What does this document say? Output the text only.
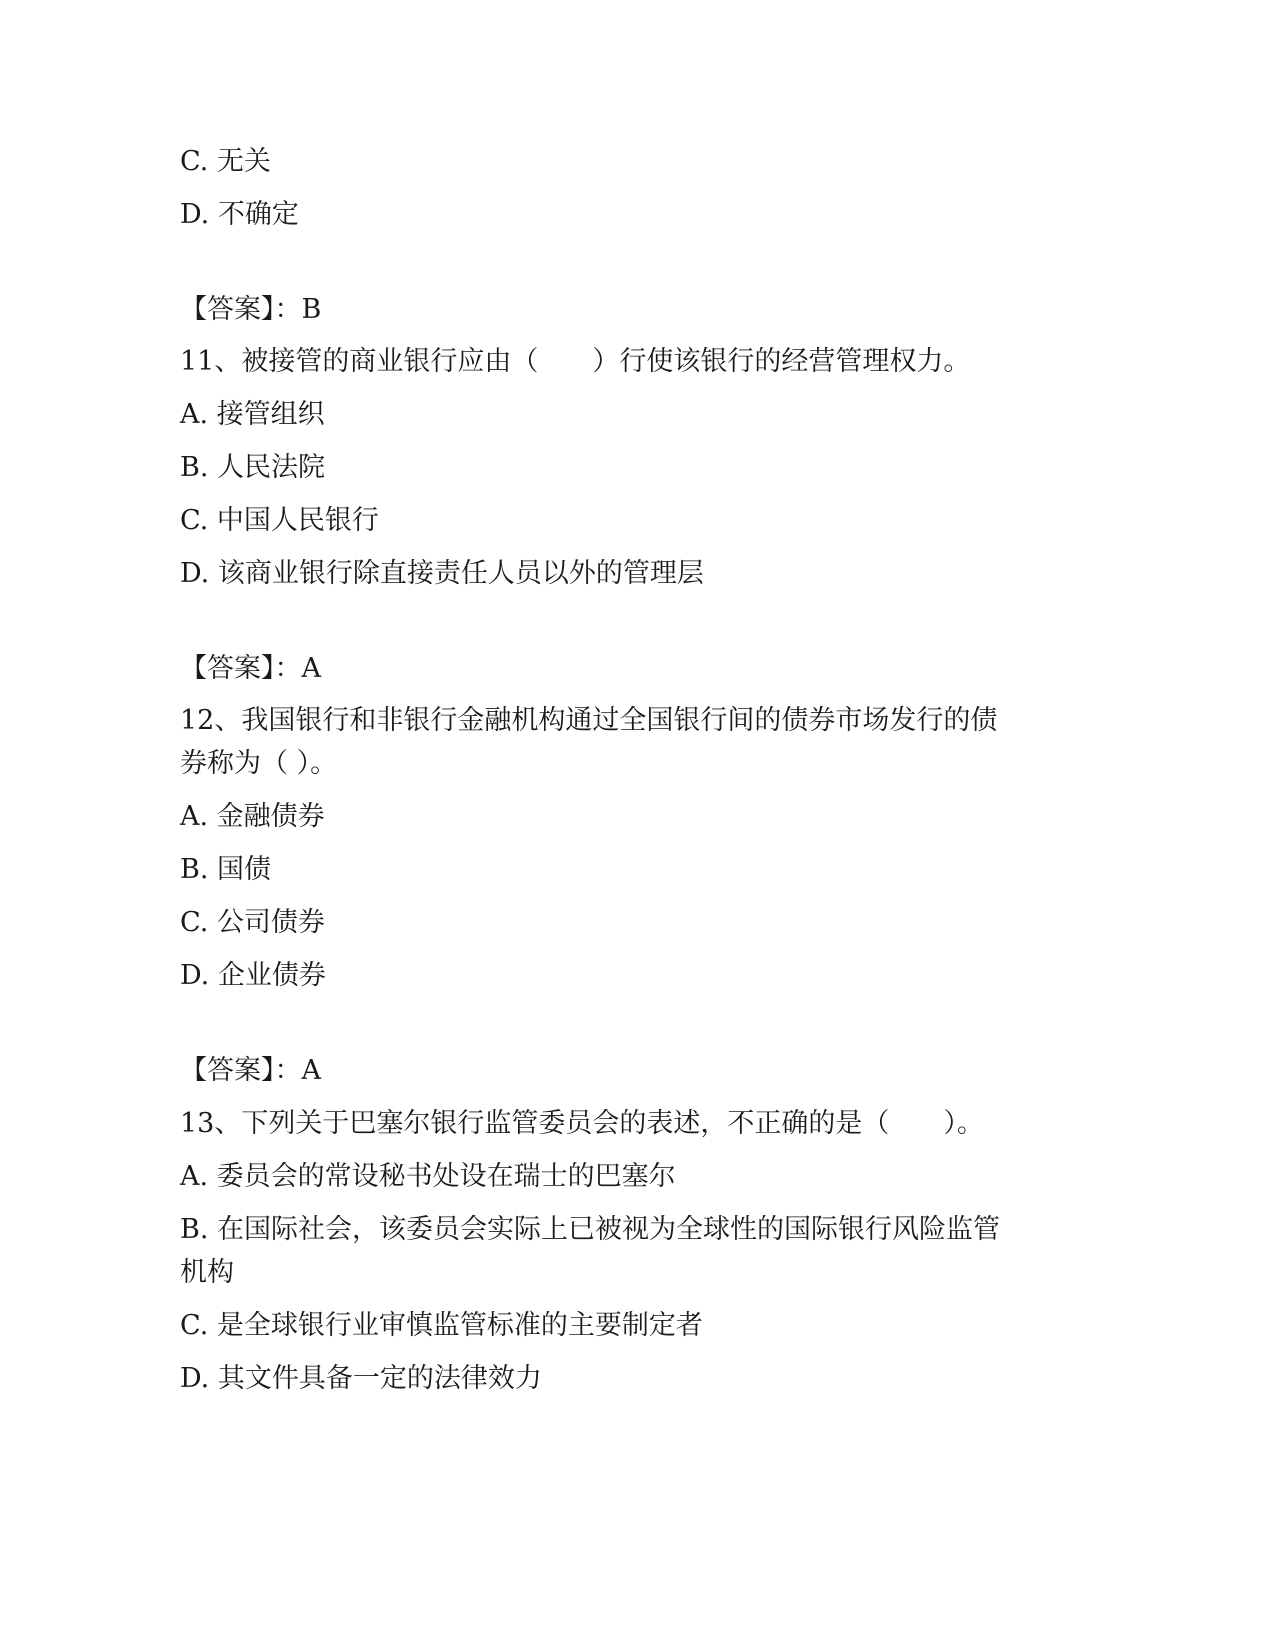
C. 无关
D. 不确定
【答案】：B
11、被接管的商业银行应由（　　）行使该银行的经营管理权力。
A. 接管组织
B. 人民法院
C. 中国人民银行
D. 该商业银行除直接责任人员以外的管理层
【答案】：A
12、我国银行和非银行金融机构通过全国银行间的债券市场发行的债
券称为（ ）。
A. 金融债券
B. 国债
C. 公司债券
D. 企业债券
【答案】：A
13、下列关于巴塞尔银行监管委员会的表述，不正确的是（　　）。
A. 委员会的常设秘书处设在瑞士的巴塞尔
B. 在国际社会，该委员会实际上已被视为全球性的国际银行风险监管
机构
C. 是全球银行业审慎监管标准的主要制定者
D. 其文件具备一定的法律效力
